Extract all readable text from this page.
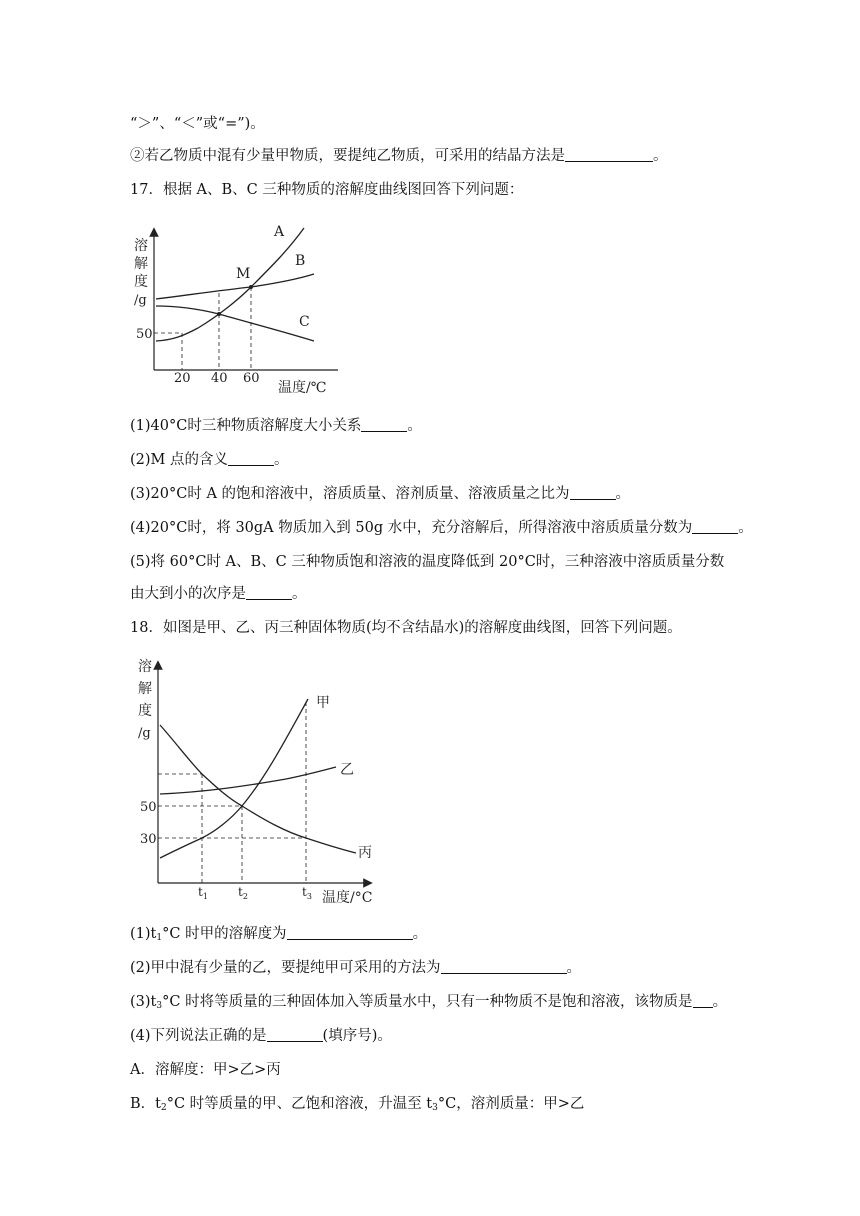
“＞”、“＜”或“=”)。
②若乙物质中混有少量甲物质，要提纯乙物质，可采用的结晶方法是	。
17．根据 A、B、C 三种物质的溶解度曲线图回答下列问题：
溶
解
度
/g
A
B
C
M
50
20 40 60
温度/℃
(1)40°C时三种物质溶解度大小关系	。
(2)M 点的含义	。
(3)20°C时 A 的饱和溶液中，溶质质量、溶剂质量、溶液质量之比为	。
(4)20°C时，将 30gA 物质加入到 50g 水中，充分溶解后，所得溶液中溶质质量分数为	。
(5)将 60°C时 A、B、C 三种物质饱和溶液的温度降低到 20°C时，三种溶液中溶质质量分数
由大到小的次序是	。
18．如图是甲、乙、丙三种固体物质(均不含结晶水)的溶解度曲线图，回答下列问题。
溶
解
度
/g
甲
乙
丙
50
30
$t_1$	$t_2$	$t_3$ 温度/°C
$(1)t_1^\circ C$ 时甲的溶解度为	。
(2)甲中混有少量的乙，要提纯甲可采用的方法为	。
$(3)t_3^\circ C$ 时将等质量的三种固体加入等质量水中，只有一种物质不是饱和溶液，该物质是 。
(4)下列说法正确的是	(填序号)。
A．溶解度：甲>乙>丙
B．$t_2^\circ C$ 时等质量的甲、乙饱和溶液，升温至 $t_3^\circ C$，溶剂质量：甲>乙
